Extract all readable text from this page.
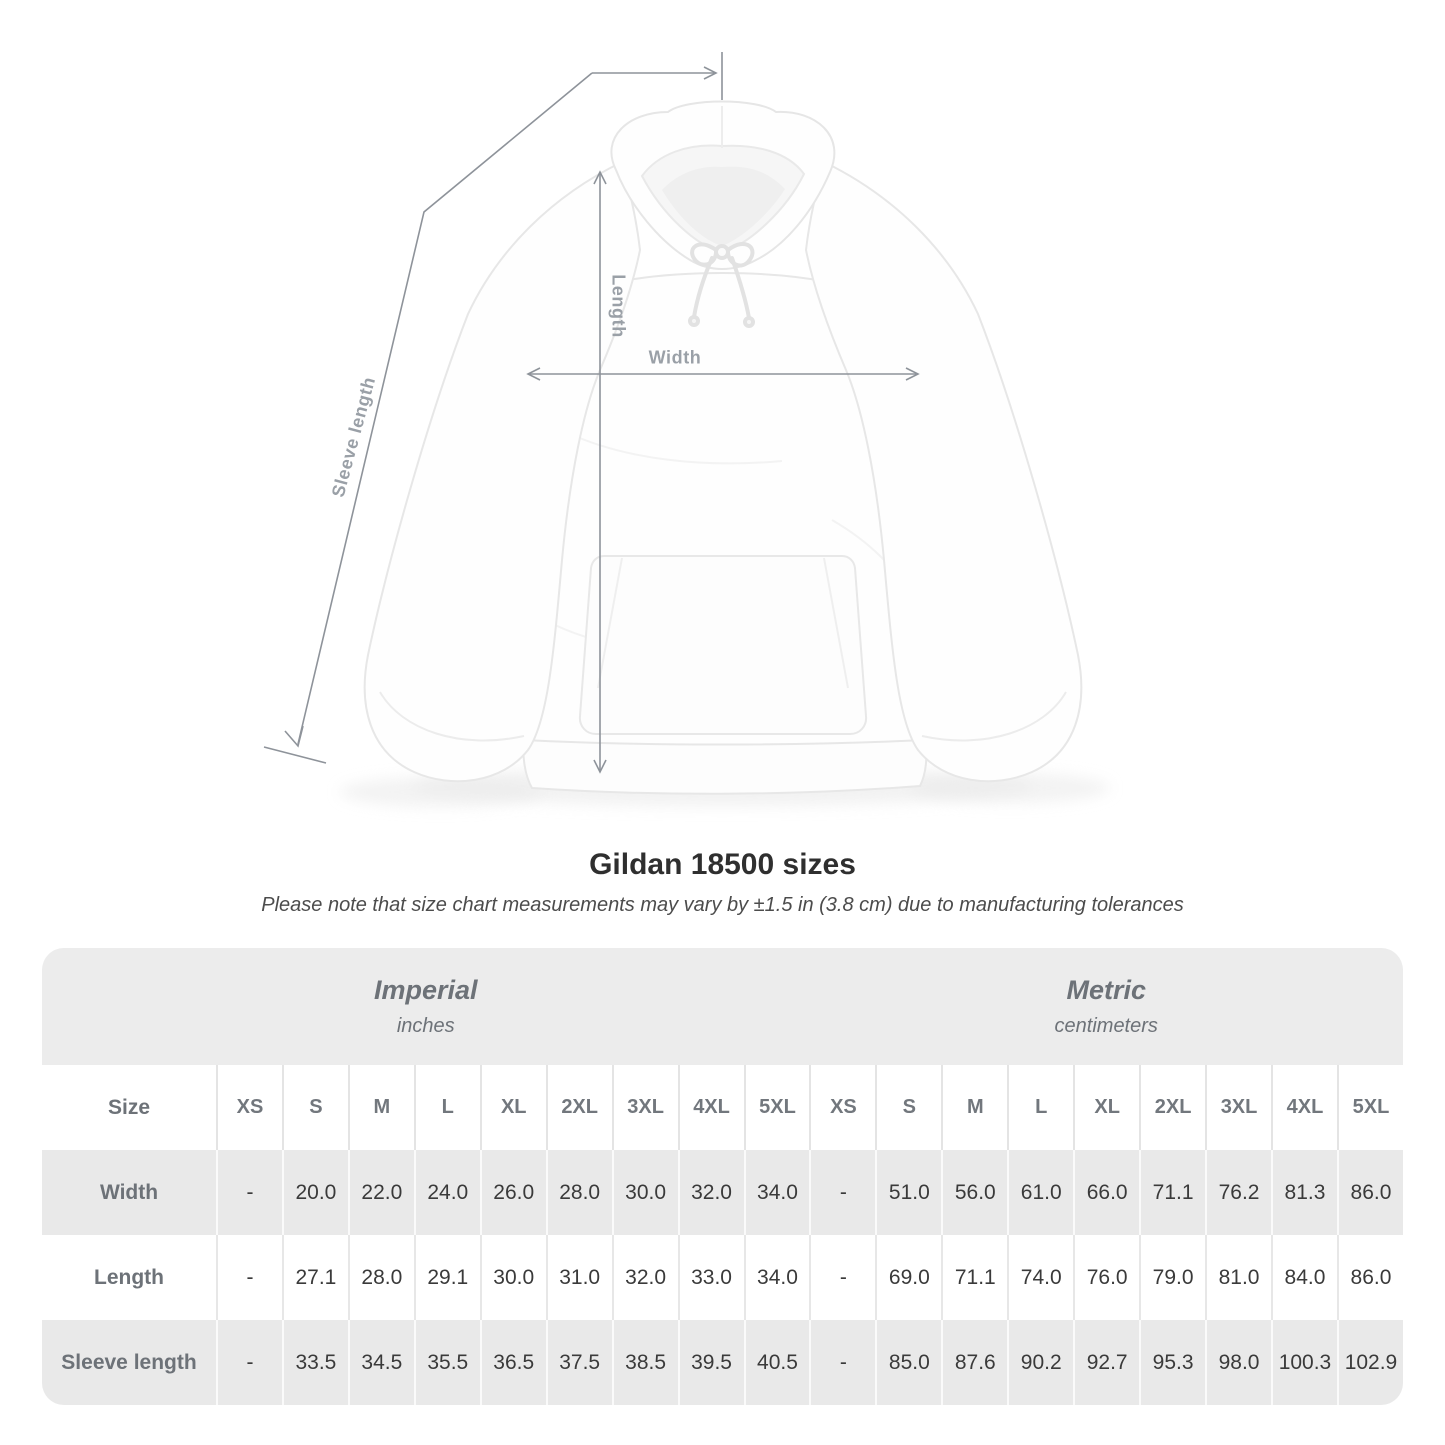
Width
Length
Sleeve length
Gildan 18500 sizes

Please note that size chart measurements may vary by ±1.5 in (3.8 cm) due to manufacturing tolerances

Imperial
inches

Metric
centimeters

Size	XS	S	M	L	XL	2XL	3XL	4XL	5XL	XS	S	M	L	XL	2XL	3XL	4XL	5XL
Width	-	20.0	22.0	24.0	26.0	28.0	30.0	32.0	34.0	-	51.0	56.0	61.0	66.0	71.1	76.2	81.3	86.0
Length	-	27.1	28.0	29.1	30.0	31.0	32.0	33.0	34.0	-	69.0	71.1	74.0	76.0	79.0	81.0	84.0	86.0
Sleeve length	-	33.5	34.5	35.5	36.5	37.5	38.5	39.5	40.5	-	85.0	87.6	90.2	92.7	95.3	98.0	100.3	102.9
